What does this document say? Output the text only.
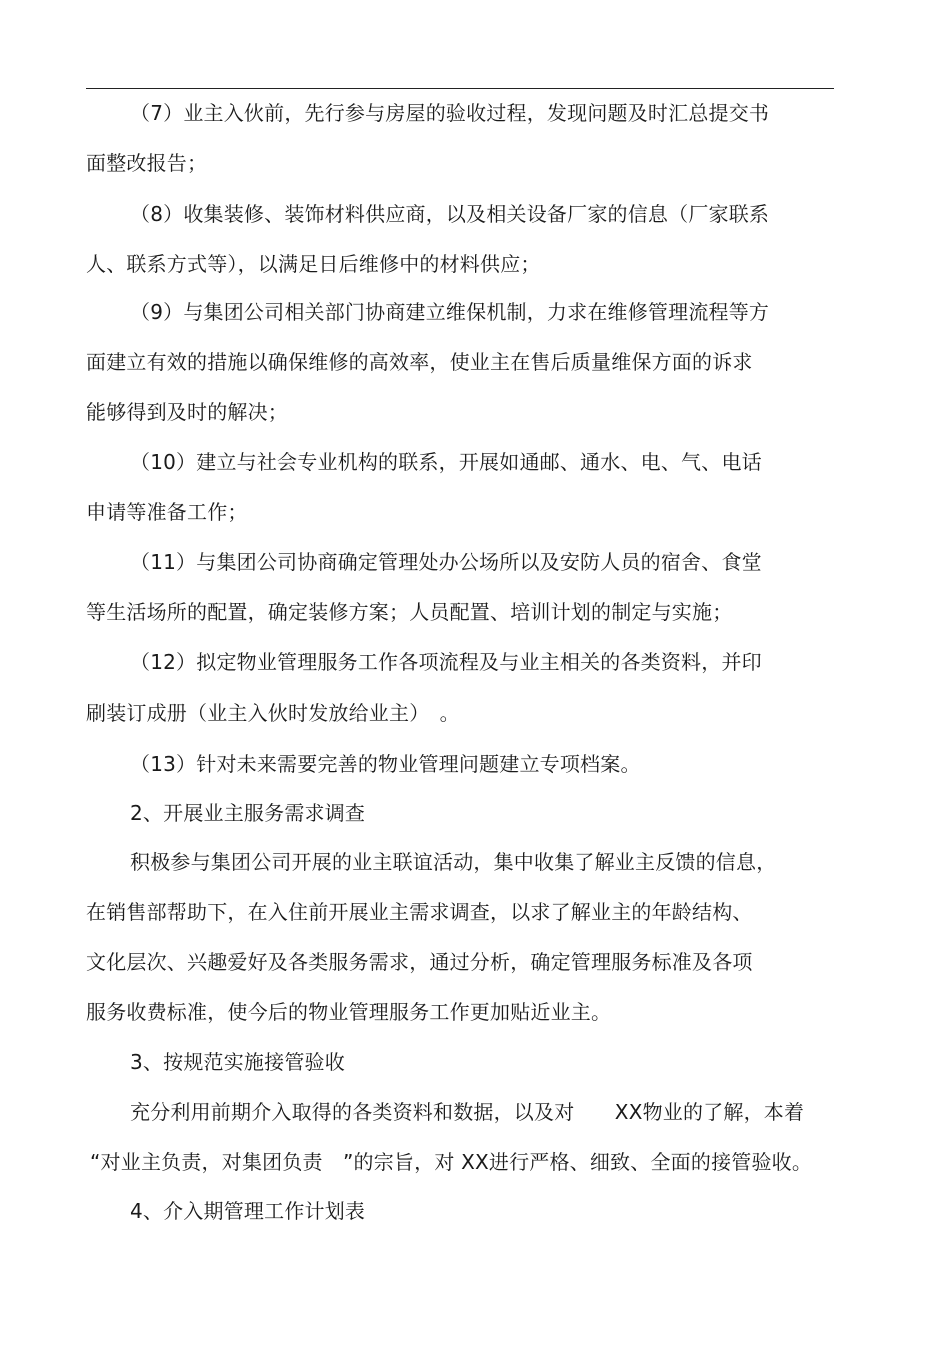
（7）业主入伙前，先行参与房屋的验收过程，发现问题及时汇总提交书
面整改报告；
（8）收集装修、装饰材料供应商，以及相关设备厂家的信息（厂家联系
人、联系方式等），以满足日后维修中的材料供应；
（9）与集团公司相关部门协商建立维保机制，力求在维修管理流程等方
面建立有效的措施以确保维修的高效率，使业主在售后质量维保方面的诉求
能够得到及时的解决；
（10）建立与社会专业机构的联系，开展如通邮、通水、电、气、电话
申请等准备工作；
（11）与集团公司协商确定管理处办公场所以及安防人员的宿舍、食堂
等生活场所的配置，确定装修方案；人员配置、培训计划的制定与实施；
（12）拟定物业管理服务工作各项流程及与业主相关的各类资料，并印
刷装订成册（业主入伙时发放给业主）　。
（13）针对未来需要完善的物业管理问题建立专项档案。
2、开展业主服务需求调查
积极参与集团公司开展的业主联谊活动，集中收集了解业主反馈的信息，
在销售部帮助下，在入住前开展业主需求调查，以求了解业主的年龄结构、
文化层次、兴趣爱好及各类服务需求，通过分析，确定管理服务标准及各项
服务收费标准，使今后的物业管理服务工作更加贴近业主。
3、按规范实施接管验收
充分利用前期介入取得的各类资料和数据，以及对　　XX物业的了解，本着
“对业主负责，对集团负责　”的宗旨，对 XX进行严格、细致、全面的接管验收。
4、介入期管理工作计划表
